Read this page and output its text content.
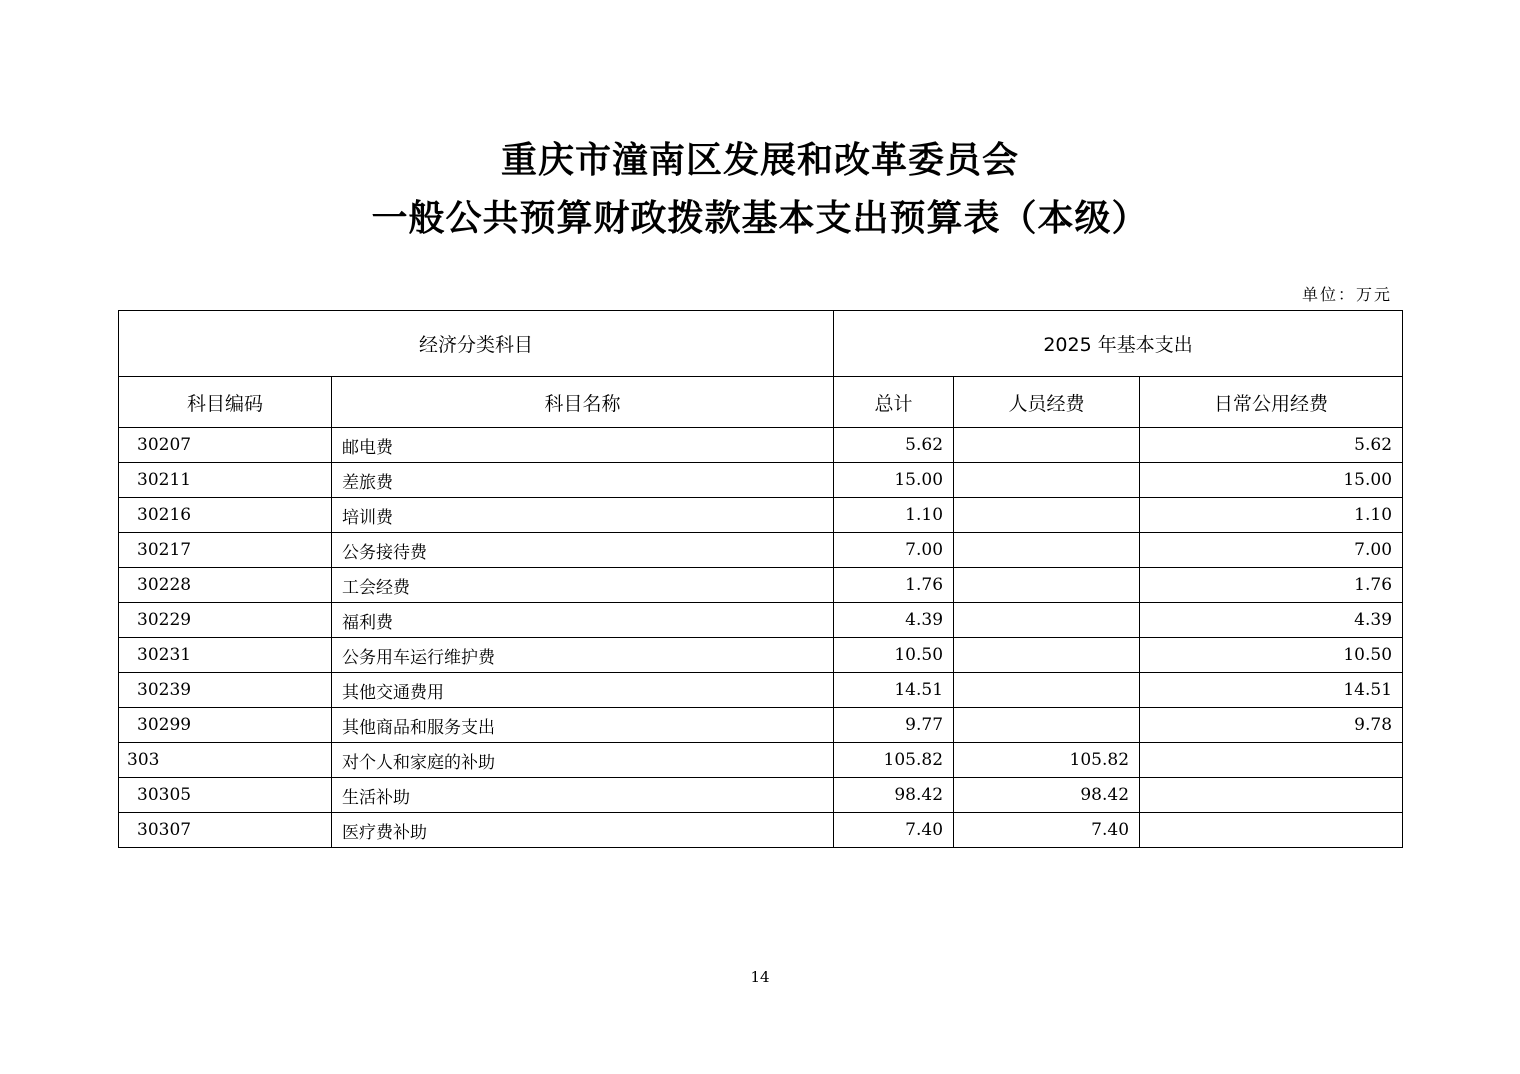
重庆市潼南区发展和改革委员会
一般公共预算财政拨款基本支出预算表（本级）
单位：万元
经济分类科目		2025 年基本支出		
科目编码	科目名称	总计	人员经费	日常公用经费
30207	邮电费	5.62		5.62
30211	差旅费	15.00		15.00
30216	培训费	1.10		1.10
30217	公务接待费	7.00		7.00
30228	工会经费	1.76		1.76
30229	福利费	4.39		4.39
30231	公务用车运行维护费	10.50		10.50
30239	其他交通费用	14.51		14.51
30299	其他商品和服务支出	9.77		9.78
303	对个人和家庭的补助	105.82	105.82	
30305	生活补助	98.42	98.42	
30307	医疗费补助	7.40	7.40	
14
